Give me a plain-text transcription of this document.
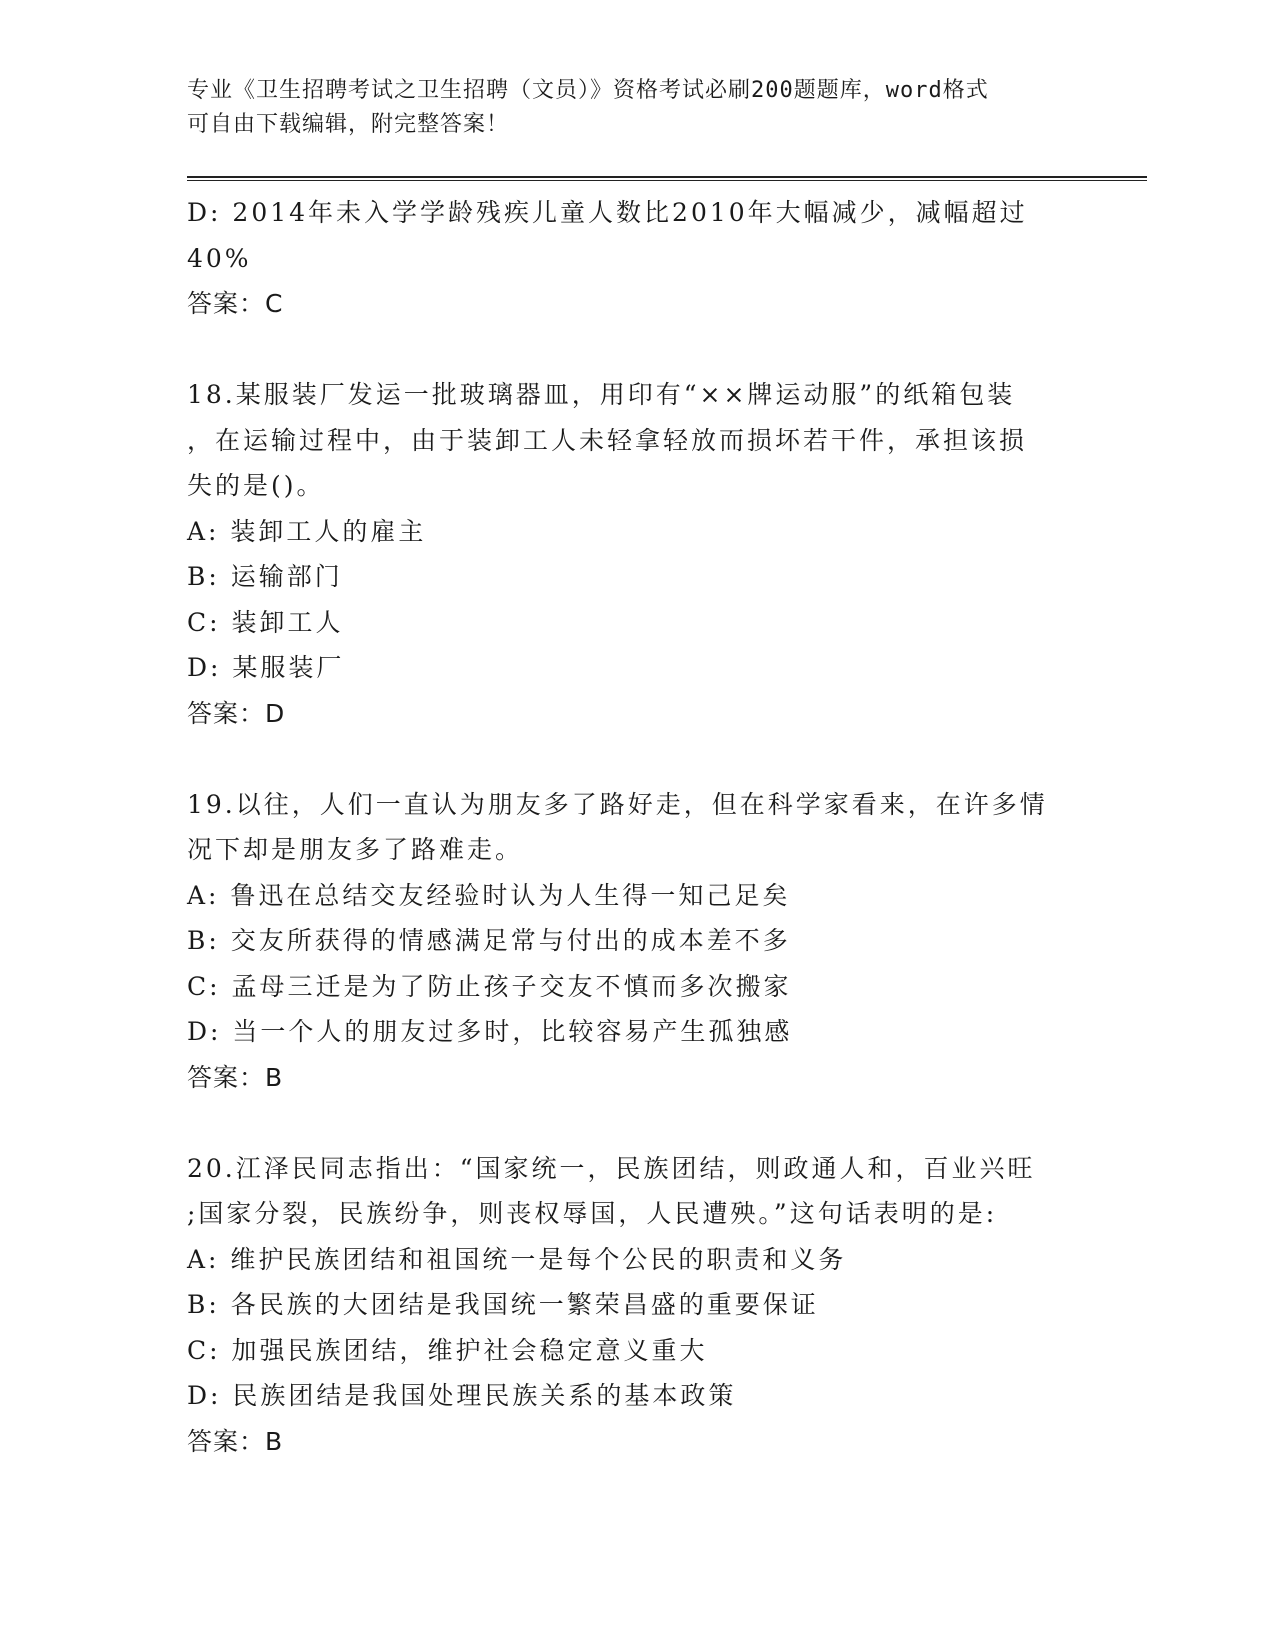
专业《卫生招聘考试之卫生招聘（文员）》资格考试必刷200题题库，word格式
可自由下载编辑，附完整答案！
D: 2014年未入学学龄残疾儿童人数比2010年大幅减少，减幅超过
40%
答案：C
18.某服装厂发运一批玻璃器皿，用印有“××牌运动服”的纸箱包装
，在运输过程中，由于装卸工人未轻拿轻放而损坏若干件，承担该损
失的是()。
A: 装卸工人的雇主
B: 运输部门
C: 装卸工人
D: 某服装厂
答案：D
19.以往，人们一直认为朋友多了路好走，但在科学家看来，在许多情
况下却是朋友多了路难走。
A: 鲁迅在总结交友经验时认为人生得一知己足矣
B: 交友所获得的情感满足常与付出的成本差不多
C: 孟母三迁是为了防止孩子交友不慎而多次搬家
D: 当一个人的朋友过多时，比较容易产生孤独感
答案：B
20.江泽民同志指出：“国家统一，民族团结，则政通人和，百业兴旺
;国家分裂，民族纷争，则丧权辱国，人民遭殃。”这句话表明的是:
A: 维护民族团结和祖国统一是每个公民的职责和义务
B: 各民族的大团结是我国统一繁荣昌盛的重要保证
C: 加强民族团结，维护社会稳定意义重大
D: 民族团结是我国处理民族关系的基本政策
答案：B
